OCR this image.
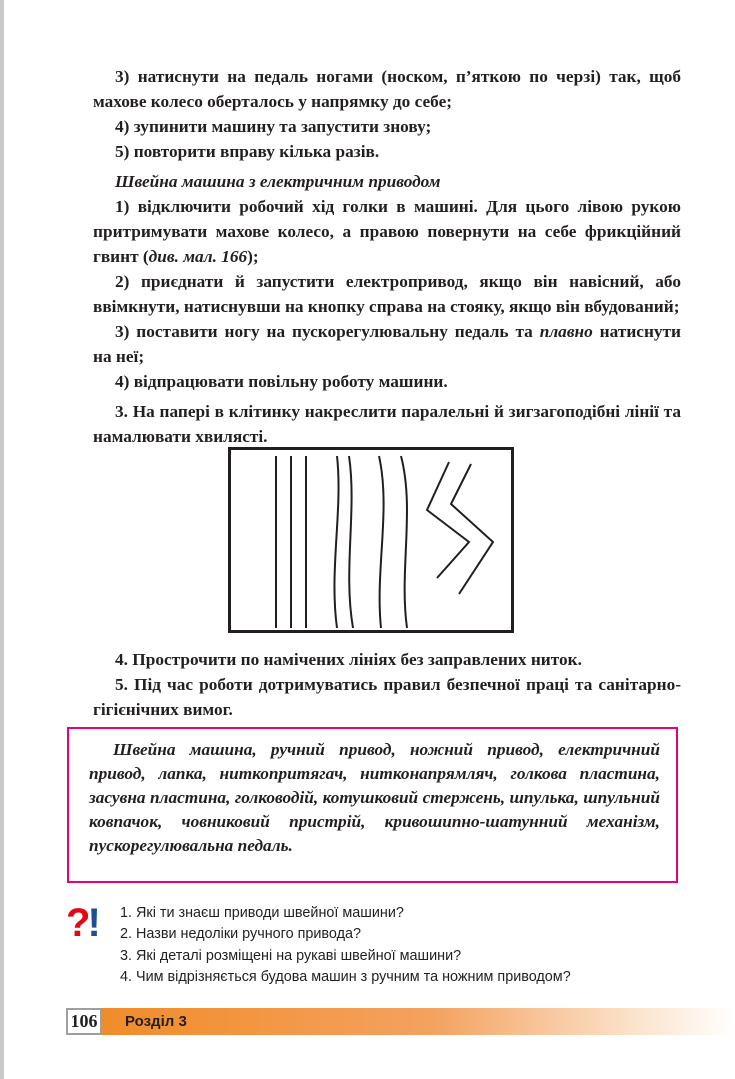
3) натиснути на педаль ногами (носком, п’яткою по черзі) так, щоб махове колесо оберталось у напрямку до себе;

4) зупинити машину та запустити знову;

5) повторити вправу кілька разів.

Швейна машина з електричним приводом

1) відключити робочий хід голки в машині. Для цього лівою рукою притримувати махове колесо, а правою повернути на себе фрикційний гвинт (див. мал. 166);

2) приєднати й запустити електропривод, якщо він навісний, або ввімкнути, натиснувши на кнопку справа на стояку, якщо він вбудований;

3) поставити ногу на пускорегулювальну педаль та плавно натиснути на неї;

4) відпрацювати повільну роботу машини.

3. На папері в клітинку накреслити паралельні й зигзагоподібні лінії та намалювати хвилясті.

4. Прострочити по намічених лініях без заправлених ниток.

5. Під час роботи дотримуватись правил безпечної праці та санітарно-гігієнічних вимог.

Швейна машина, ручний привод, ножний привод, електричний привод, лапка, ниткопритягач, нитконапрямляч, голкова пластина, засувна пластина, голководій, котушковий стержень, шпулька, шпульний ковпачок, човниковий пристрій, кривошипно-шатунний механізм, пускорегулювальна педаль.
?! 1. Які ти знаєш приводи швейної машини?
2. Назви недоліки ручного привода?
3. Які деталі розміщені на рукаві швейної машини?
4. Чим відрізняється будова машин з ручним та ножним приводом?
106	Розділ 3
